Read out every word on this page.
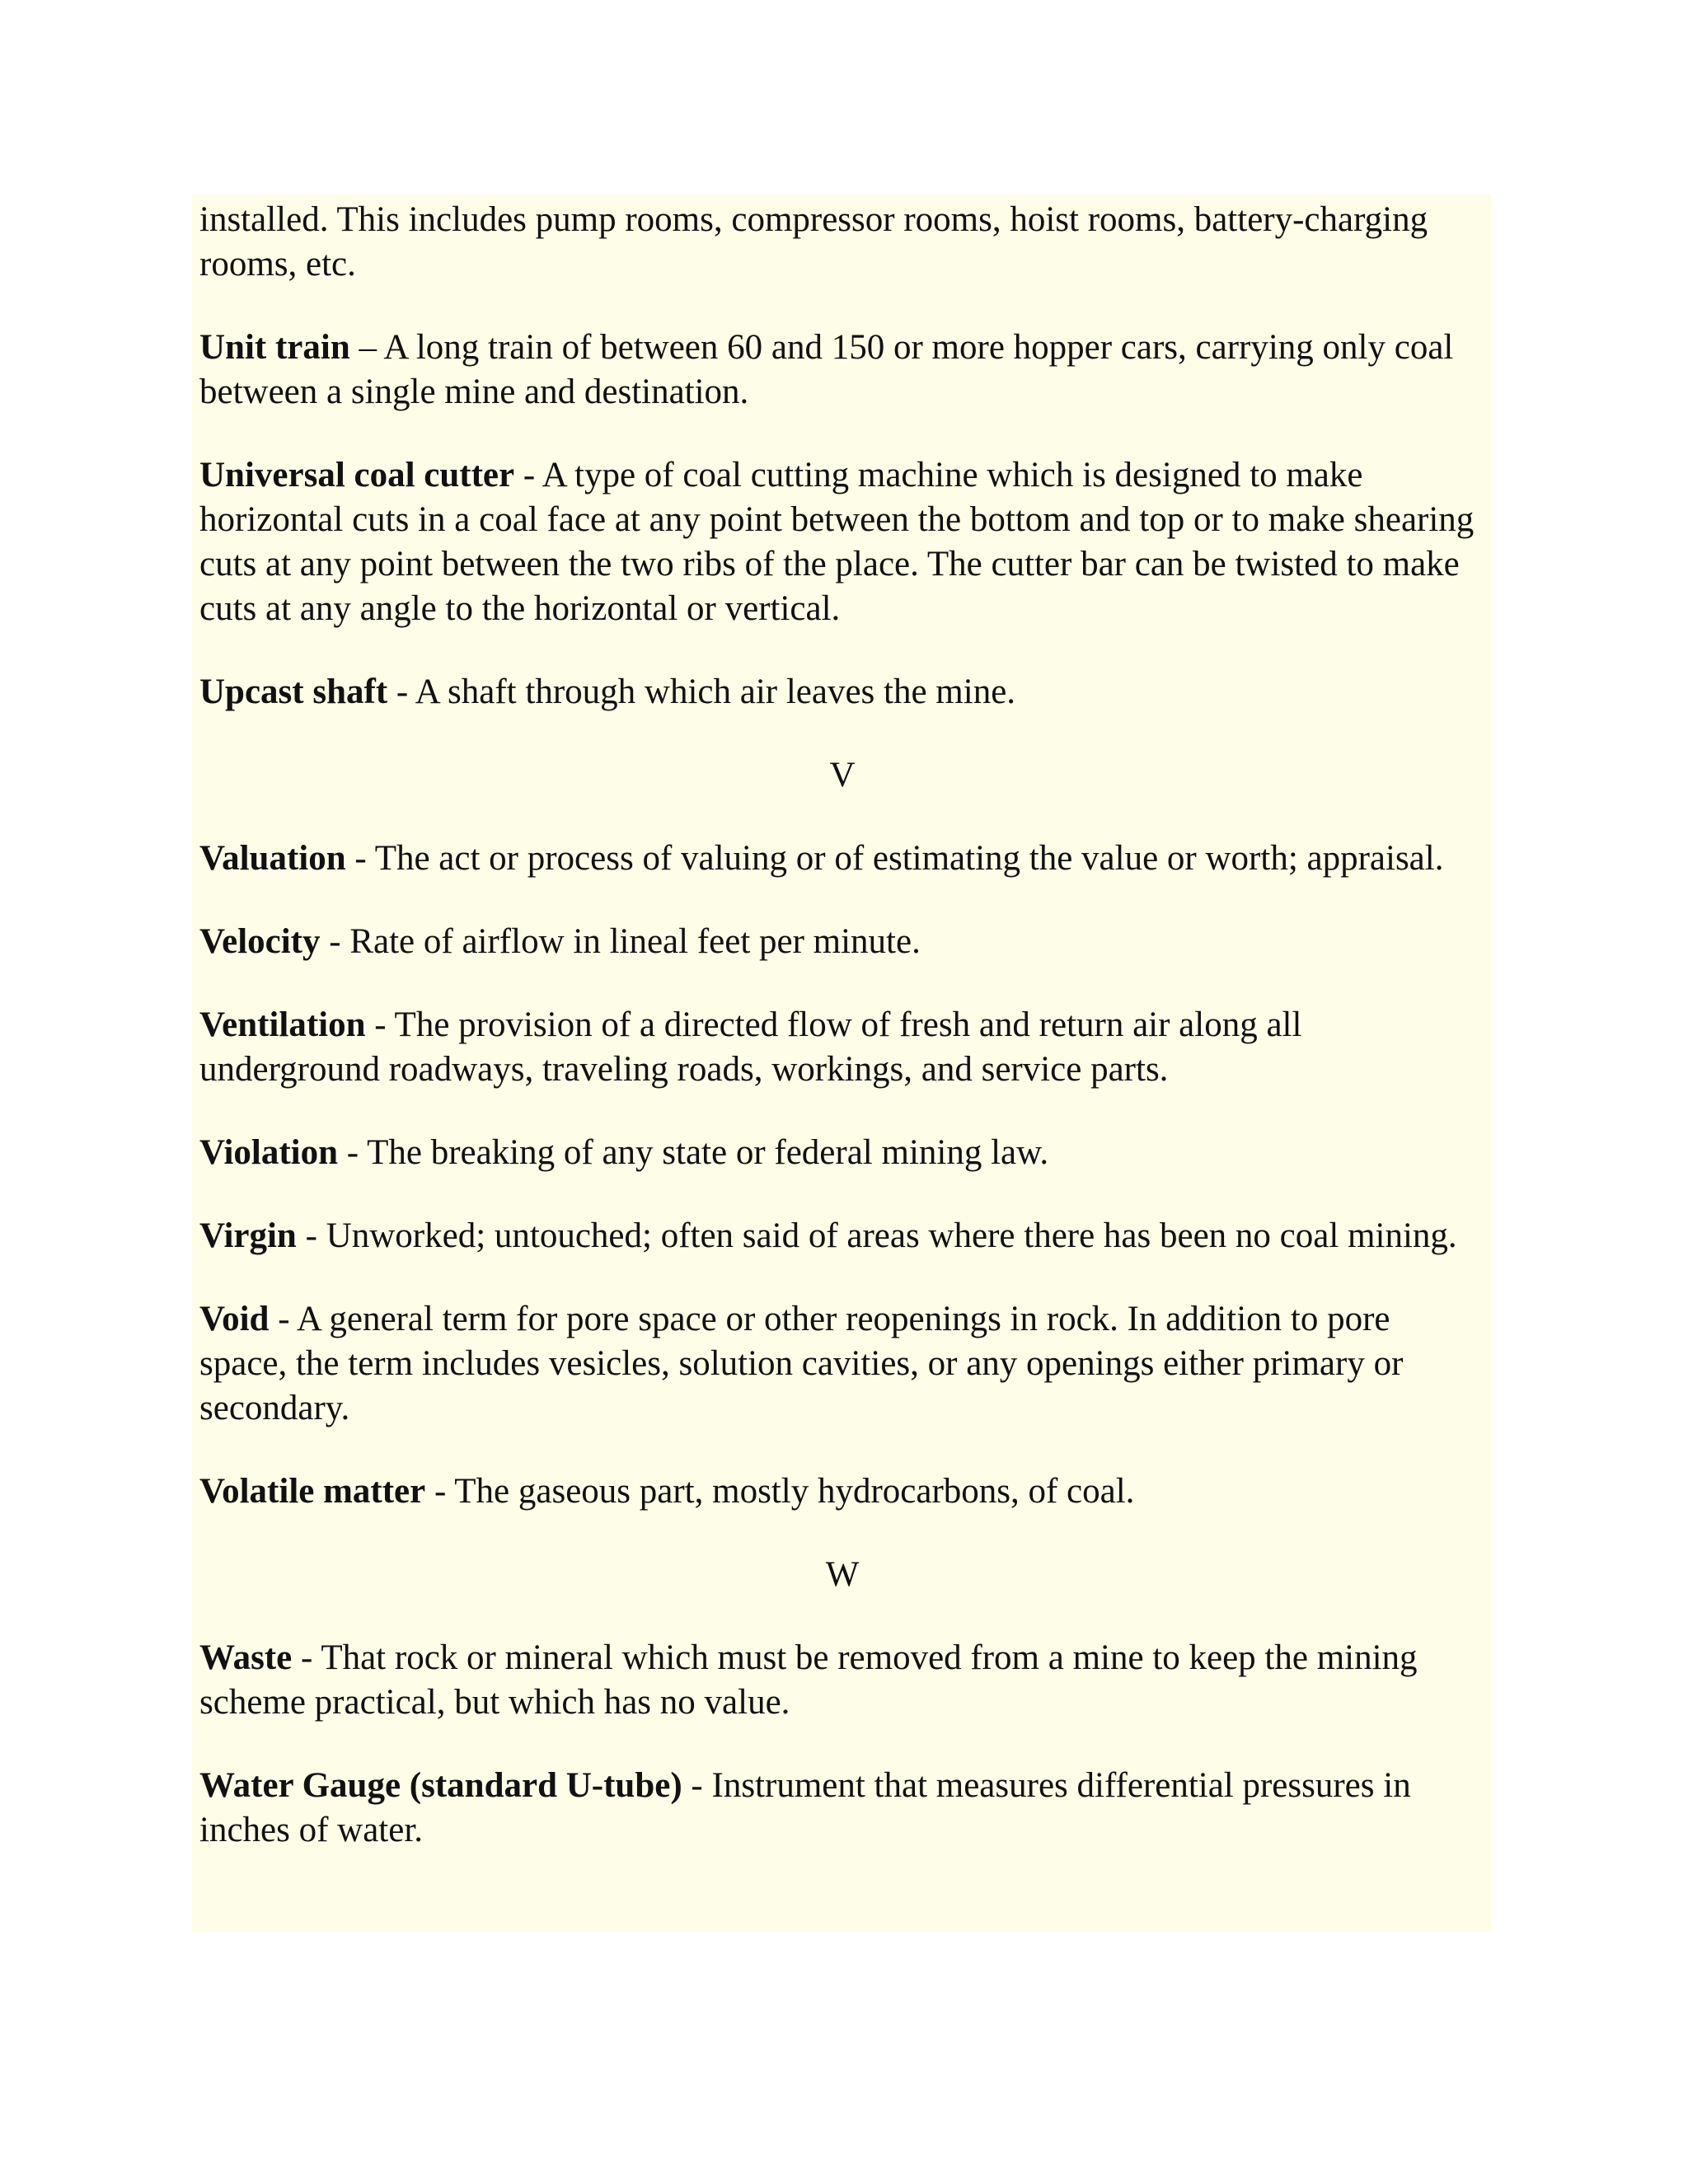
installed. This includes pump rooms, compressor rooms, hoist rooms, battery-charging rooms, etc.

Unit train – A long train of between 60 and 150 or more hopper cars, carrying only coal between a single mine and destination.

Universal coal cutter - A type of coal cutting machine which is designed to make horizontal cuts in a coal face at any point between the bottom and top or to make shearing cuts at any point between the two ribs of the place. The cutter bar can be twisted to make cuts at any angle to the horizontal or vertical.

Upcast shaft - A shaft through which air leaves the mine.

V

Valuation - The act or process of valuing or of estimating the value or worth; appraisal.

Velocity - Rate of airflow in lineal feet per minute.

Ventilation - The provision of a directed flow of fresh and return air along all underground roadways, traveling roads, workings, and service parts.

Violation - The breaking of any state or federal mining law.

Virgin - Unworked; untouched; often said of areas where there has been no coal mining.

Void - A general term for pore space or other reopenings in rock. In addition to pore space, the term includes vesicles, solution cavities, or any openings either primary or secondary.

Volatile matter - The gaseous part, mostly hydrocarbons, of coal.

W

Waste - That rock or mineral which must be removed from a mine to keep the mining scheme practical, but which has no value.

Water Gauge (standard U-tube) - Instrument that measures differential pressures in inches of water.
